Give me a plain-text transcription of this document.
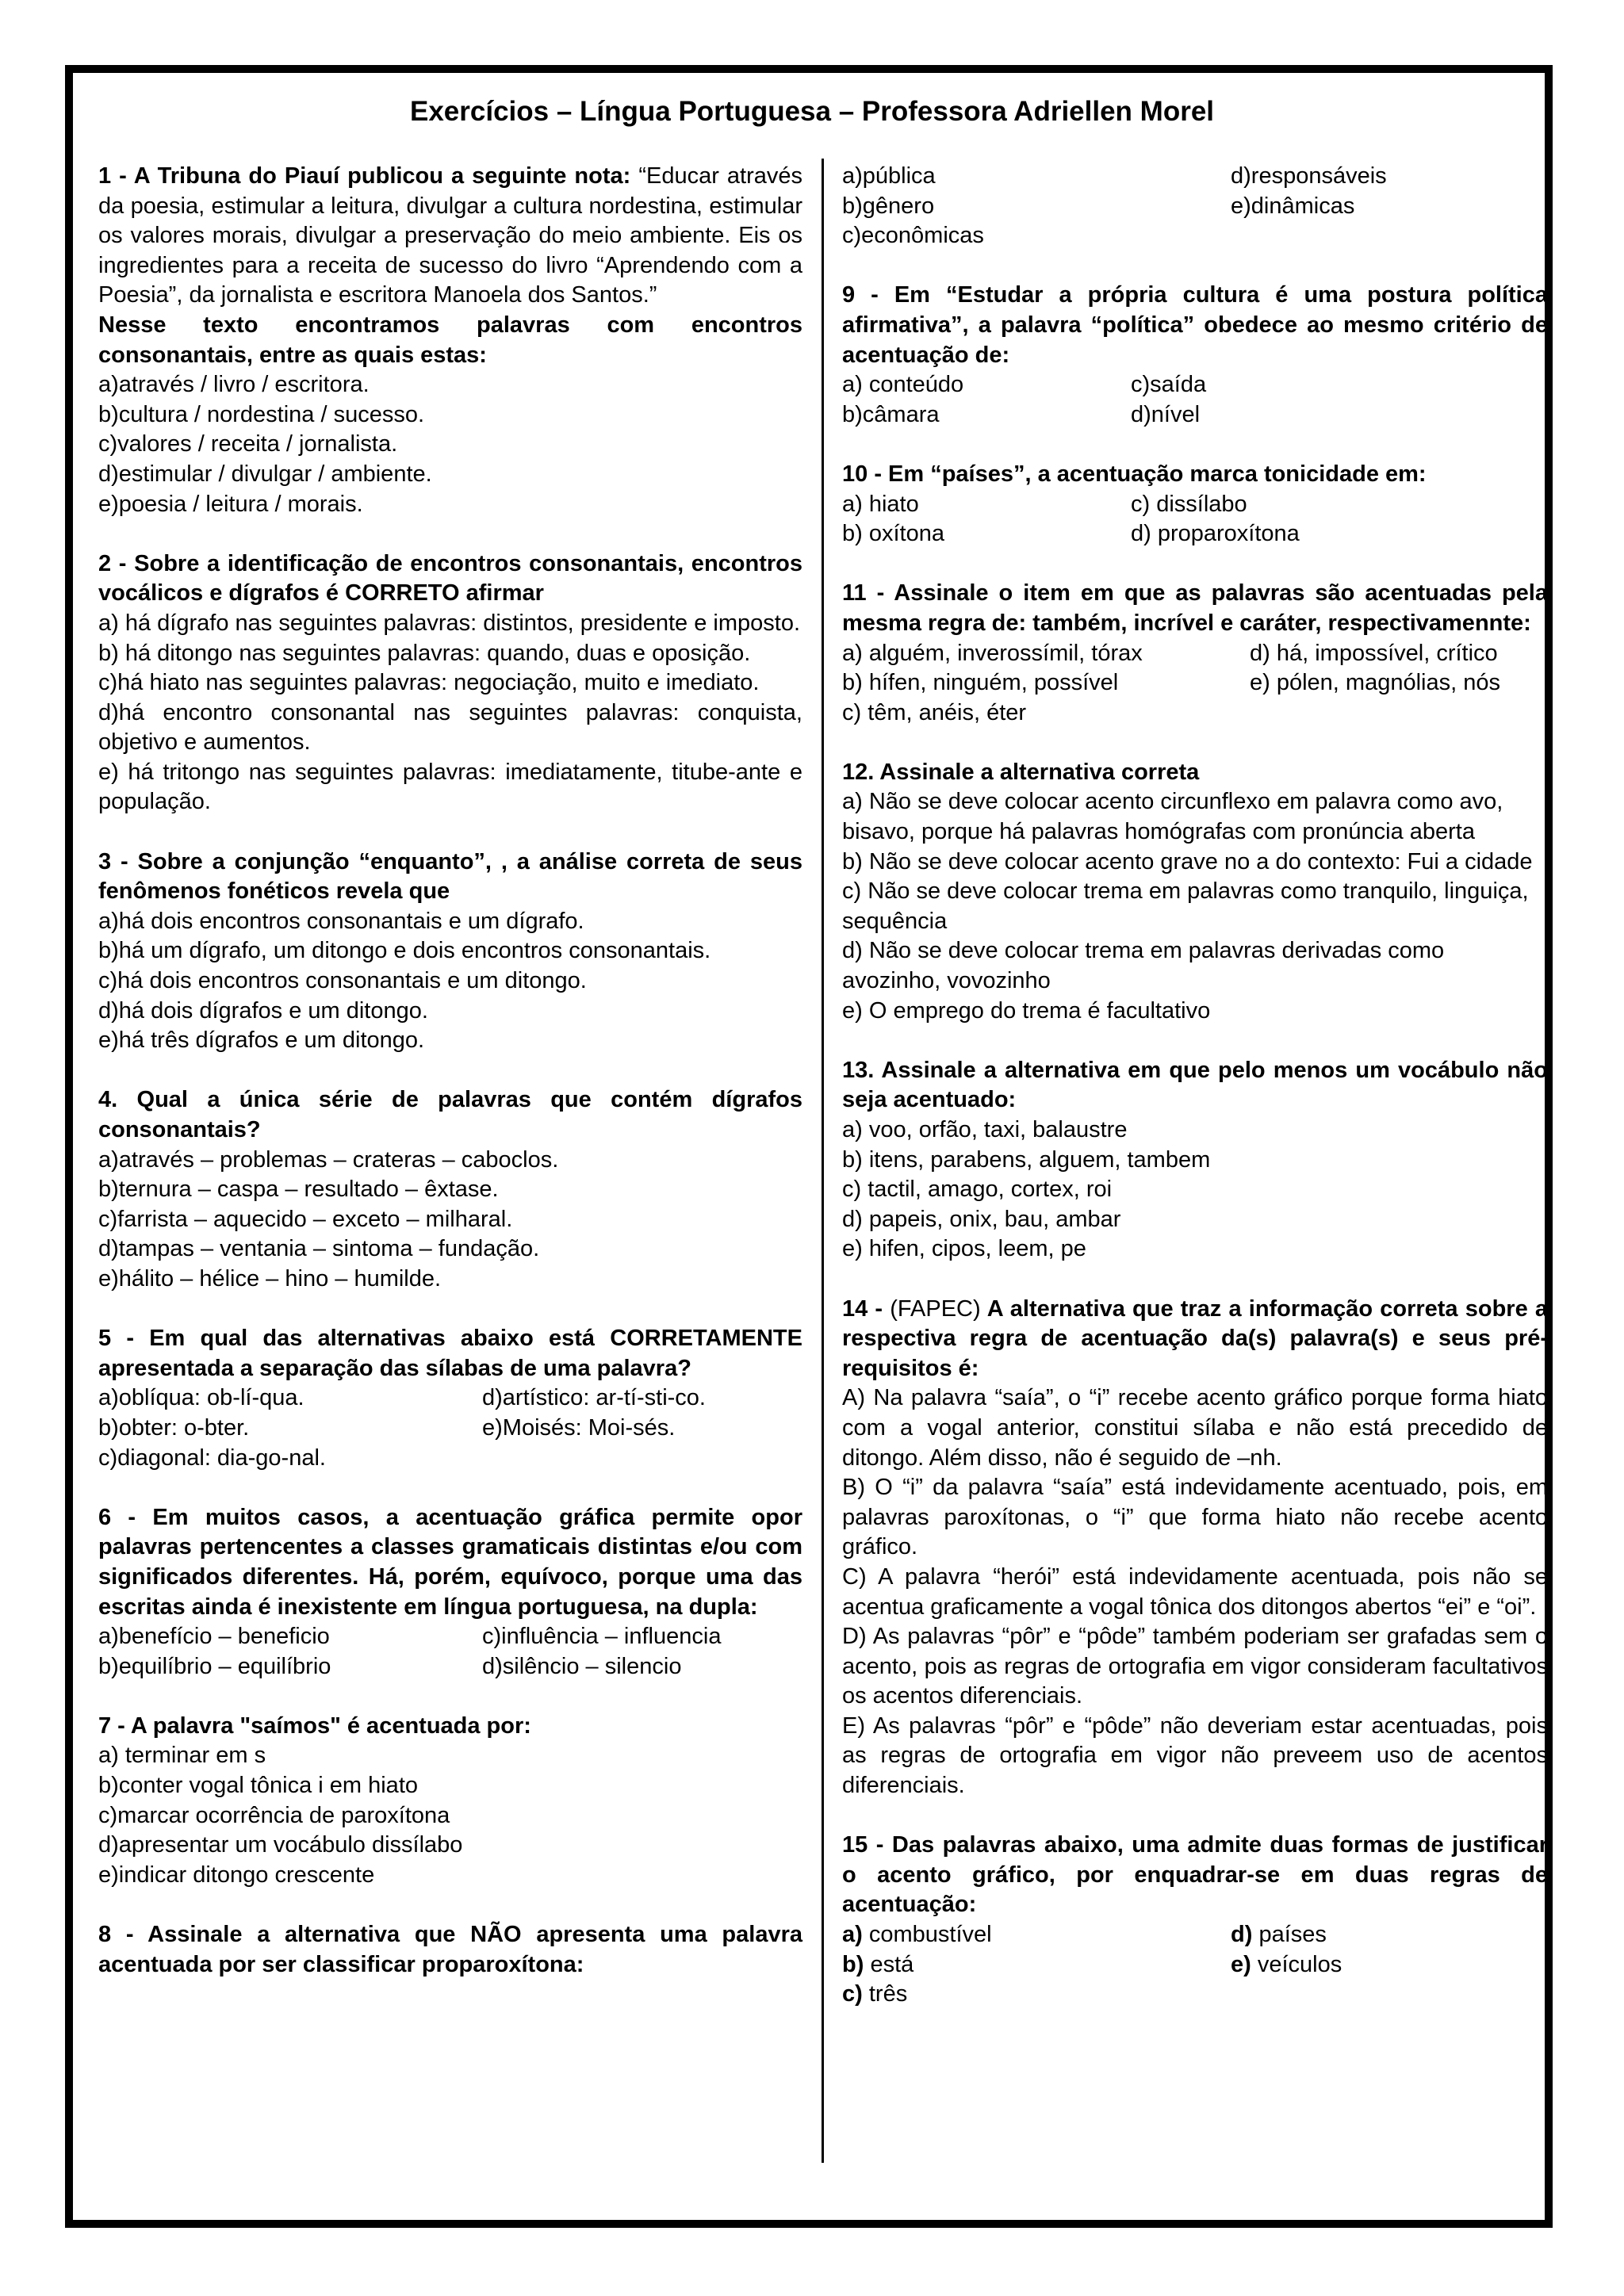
Exercícios – Língua Portuguesa – Professora Adriellen Morel

1 - A Tribuna do Piauí publicou a seguinte nota: “Educar através da poesia, estimular a leitura, divulgar a cultura nordestina, estimular os valores morais, divulgar a preservação do meio ambiente. Eis os ingredientes para a receita de sucesso do livro “Aprendendo com a Poesia”, da jornalista e escritora Manoela dos Santos.”

Nesse texto encontramos palavras com encontros consonantais, entre as quais estas:

a)através / livro / escritora.

b)cultura / nordestina / sucesso.

c)valores / receita / jornalista.

d)estimular / divulgar / ambiente.

e)poesia / leitura / morais.

2 - Sobre a identificação de encontros consonantais, encontros vocálicos e dígrafos é CORRETO afirmar

a) há dígrafo nas seguintes palavras: distintos, presidente e imposto.

b) há ditongo nas seguintes palavras: quando, duas e oposição.

c)há hiato nas seguintes palavras: negociação, muito e imediato.

d)há encontro consonantal nas seguintes palavras: conquista, objetivo e aumentos.

e) há tritongo nas seguintes palavras: imediatamente, titube-ante e população.

3 - Sobre a conjunção “enquanto”, , a análise correta de seus fenômenos fonéticos revela que

a)há dois encontros consonantais e um dígrafo.

b)há um dígrafo, um ditongo e dois encontros consonantais.

c)há dois encontros consonantais e um ditongo.

d)há dois dígrafos e um ditongo.

e)há três dígrafos e um ditongo.

4. Qual a única série de palavras que contém dígrafos consonantais?

a)através – problemas – crateras – caboclos.

b)ternura – caspa – resultado – êxtase.

c)farrista – aquecido – exceto – milharal.

d)tampas – ventania – sintoma – fundação.

e)hálito – hélice – hino – humilde.

5 - Em qual das alternativas abaixo está CORRETAMENTE apresentada a separação das sílabas de uma palavra?

a)oblíqua: ob-lí-qua.	d)artístico: ar-tí-sti-co.
b)obter: o-bter.	e)Moisés: Moi-sés.
c)diagonal: dia-go-nal.

6 - Em muitos casos, a acentuação gráfica permite opor palavras pertencentes a classes gramaticais distintas e/ou com significados diferentes. Há, porém, equívoco, porque uma das escritas ainda é inexistente em língua portuguesa, na dupla:

a)benefício – beneficio	c)influência – influencia
b)equilíbrio – equilíbrio	d)silêncio – silencio

7 - A palavra "saímos" é acentuada por:

a) terminar em s

b)conter vogal tônica i em hiato

c)marcar ocorrência de paroxítona

d)apresentar um vocábulo dissílabo

e)indicar ditongo crescente

8 - Assinale a alternativa que NÃO apresenta uma palavra acentuada por ser classificar proparoxítona:

a)pública	d)responsáveis
b)gênero	e)dinâmicas
c)econômicas

9 - Em “Estudar a própria cultura é uma postura política afirmativa”, a palavra “política” obedece ao mesmo critério de acentuação de:

a) conteúdo	c)saída
b)câmara	d)nível

10 - Em “países”, a acentuação marca tonicidade em:

a) hiato	c) dissílabo
b) oxítona	d) proparoxítona

11 - Assinale o item em que as palavras são acentuadas pela mesma regra de: também, incrível e caráter, respectivamennte:

a) alguém, inverossímil, tórax	d) há, impossível, crítico
b) hífen, ninguém, possível	e) pólen, magnólias, nós
c) têm, anéis, éter

12. Assinale a alternativa correta

a) Não se deve colocar acento circunflexo em palavra como avo, bisavo, porque há palavras homógrafas com pronúncia aberta

b) Não se deve colocar acento grave no a do contexto: Fui a cidade

c) Não se deve colocar trema em palavras como tranquilo, linguiça, sequência

d) Não se deve colocar trema em palavras derivadas como avozinho, vovozinho

e) O emprego do trema é facultativo

13. Assinale a alternativa em que pelo menos um vocábulo não seja acentuado:

a) voo, orfão, taxi, balaustre

b) itens, parabens, alguem, tambem

c) tactil, amago, cortex, roi

d) papeis, onix, bau, ambar

e) hifen, cipos, leem, pe

14 - (FAPEC) A alternativa que traz a informação correta sobre a respectiva regra de acentuação da(s) palavra(s) e seus pré-requisitos é:

A) Na palavra “saía”, o “i” recebe acento gráfico porque forma hiato com a vogal anterior, constitui sílaba e não está precedido de ditongo. Além disso, não é seguido de –nh.

B) O “i” da palavra “saía” está indevidamente acentuado, pois, em palavras paroxítonas, o “i” que forma hiato não recebe acento gráfico.

C) A palavra “herói” está indevidamente acentuada, pois não se acentua graficamente a vogal tônica dos ditongos abertos “ei” e “oi”.

D) As palavras “pôr” e “pôde” também poderiam ser grafadas sem o acento, pois as regras de ortografia em vigor consideram facultativos os acentos diferenciais.

E) As palavras “pôr” e “pôde” não deveriam estar acentuadas, pois as regras de ortografia em vigor não preveem uso de acentos diferenciais.

15 - Das palavras abaixo, uma admite duas formas de justificar o acento gráfico, por enquadrar-se em duas regras de acentuação:

a) combustível	d) países
b) está	e) veículos
c) três
